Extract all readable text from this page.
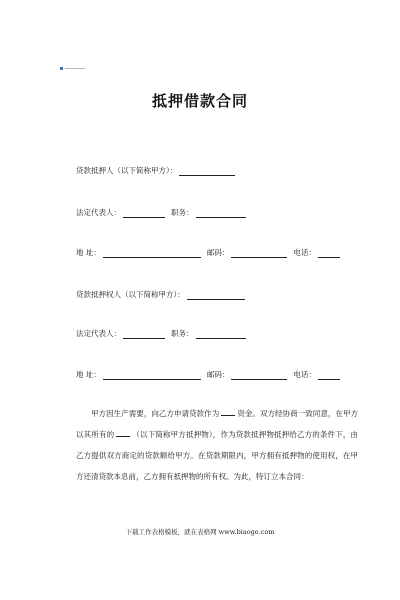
抵押借款合同
贷款抵押人（以下简称甲方）：
法定代表人：	职务：
地 址：	邮码：	电话：
贷款抵押权人（以下简称甲方）：
法定代表人：	职务：
地 址：	邮码：	电话：
甲方因生产需要，向乙方申请贷款作为 资金。双方经协商一致同意，在甲方以其所有的 （以下简称甲方抵押物），作为贷款抵押物抵押给乙方的条件下，由乙方提供双方商定的贷款额给甲方。在贷款期限内，甲方拥有抵押物的使用权，在甲方还清贷款本息前，乙方拥有抵押物的所有权。为此，特订立本合同：
下载工作表格模板，就在表格网 www.biaoge.com
